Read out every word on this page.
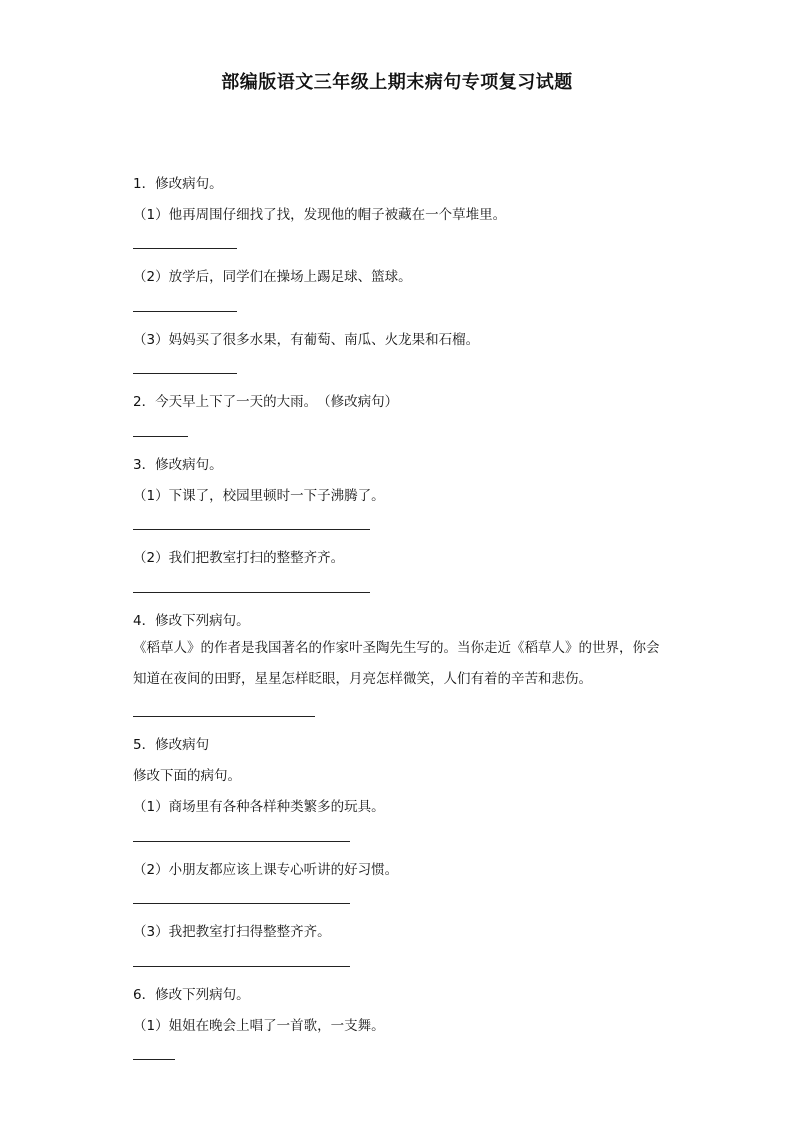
部编版语文三年级上期末病句专项复习试题
1．修改病句。
（1）他再周围仔细找了找，发现他的帽子被藏在一个草堆里。
（2）放学后，同学们在操场上踢足球、篮球。
（3）妈妈买了很多水果，有葡萄、南瓜、火龙果和石榴。
2．今天早上下了一天的大雨。　（修改病句）
3．修改病句。
（1）下课了，校园里顿时一下子沸腾了。
（2）我们把教室打扫的整整齐齐。
4．修改下列病句。
《稻草人》的作者是我国著名的作家叶圣陶先生写的。当你走近《稻草人》的世界，你会知道在夜间的田野，星星怎样眨眼，月亮怎样微笑，人们有着的辛苦和悲伤。
5．修改病句
修改下面的病句。
（1）商场里有各种各样种类繁多的玩具。
（2）小朋友都应该上课专心听讲的好习惯。
（3）我把教室打扫得整整齐齐。
6．修改下列病句。
（1）姐姐在晚会上唱了一首歌，一支舞。
